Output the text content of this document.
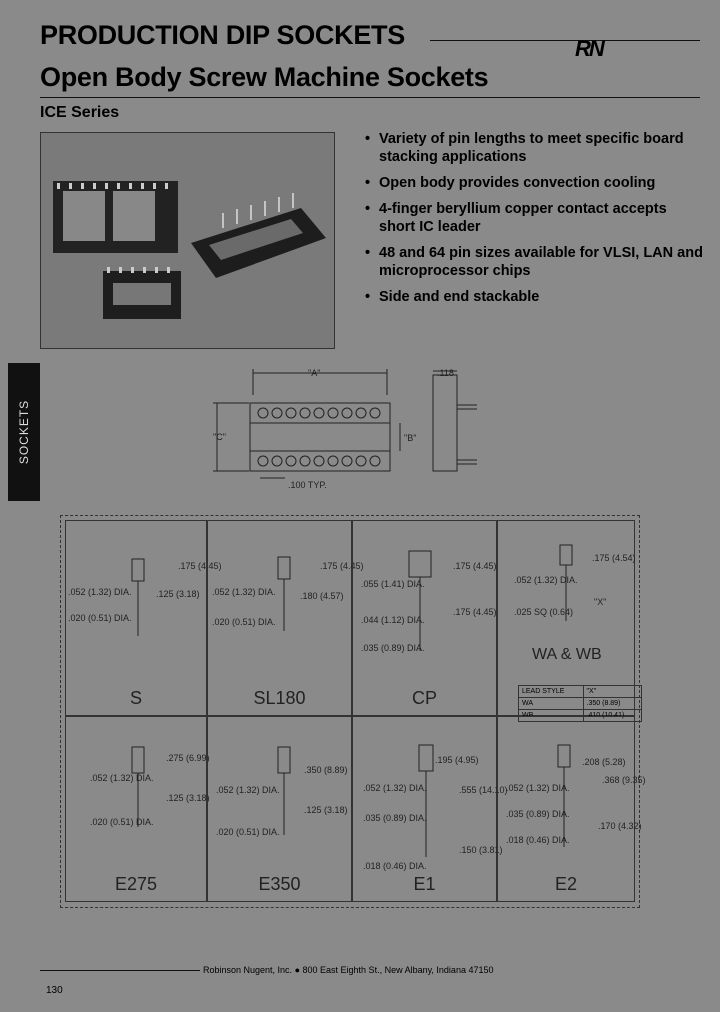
PRODUCTION DIP SOCKETS	RN
Open Body Screw Machine Sockets
ICE Series
• Variety of pin lengths to meet specific board stacking applications
• Open body provides convection cooling
• 4-finger beryllium copper contact accepts short IC leader
• 48 and 64 pin sizes available for VLSI, LAN and microprocessor chips
• Side and end stackable
SOCKETS
"A"
"C"	"B"
.118
.100 TYP.
.175 (4.45)
.125 (3.18)
.052 (1.32) DIA.
.020 (0.51) DIA.
S
.175 (4.45)
.180 (4.57)
.052 (1.32) DIA.
.020 (0.51) DIA.
SL180
.175 (4.45)
.175 (4.45)
.055 (1.41) DIA.
.044 (1.12) DIA.
.035 (0.89) DIA.
CP
.175 (4.54)
"X"
.052 (1.32) DIA.
.025 SQ (0.64)
WA & WB
LEAD STYLE	"X"
WA	.350 (8.89)
WB	.410 (10.41)
.275 (6.99)
.125 (3.18)
.052 (1.32) DIA.
.020 (0.51) DIA.
E275
.350 (8.89)
.125 (3.18)
.052 (1.32) DIA.
.020 (0.51) DIA.
E350
.195 (4.95)
.555 (14.10)
.150 (3.81)
.052 (1.32) DIA.
.035 (0.89) DIA.
.018 (0.46) DIA.
E1
.208 (5.28)
.368 (9.35)
.170 (4.32)
.052 (1.32) DIA.
.035 (0.89) DIA.
.018 (0.46) DIA.
E2
Robinson Nugent, Inc. ● 800 East Eighth St., New Albany, Indiana 47150
130
